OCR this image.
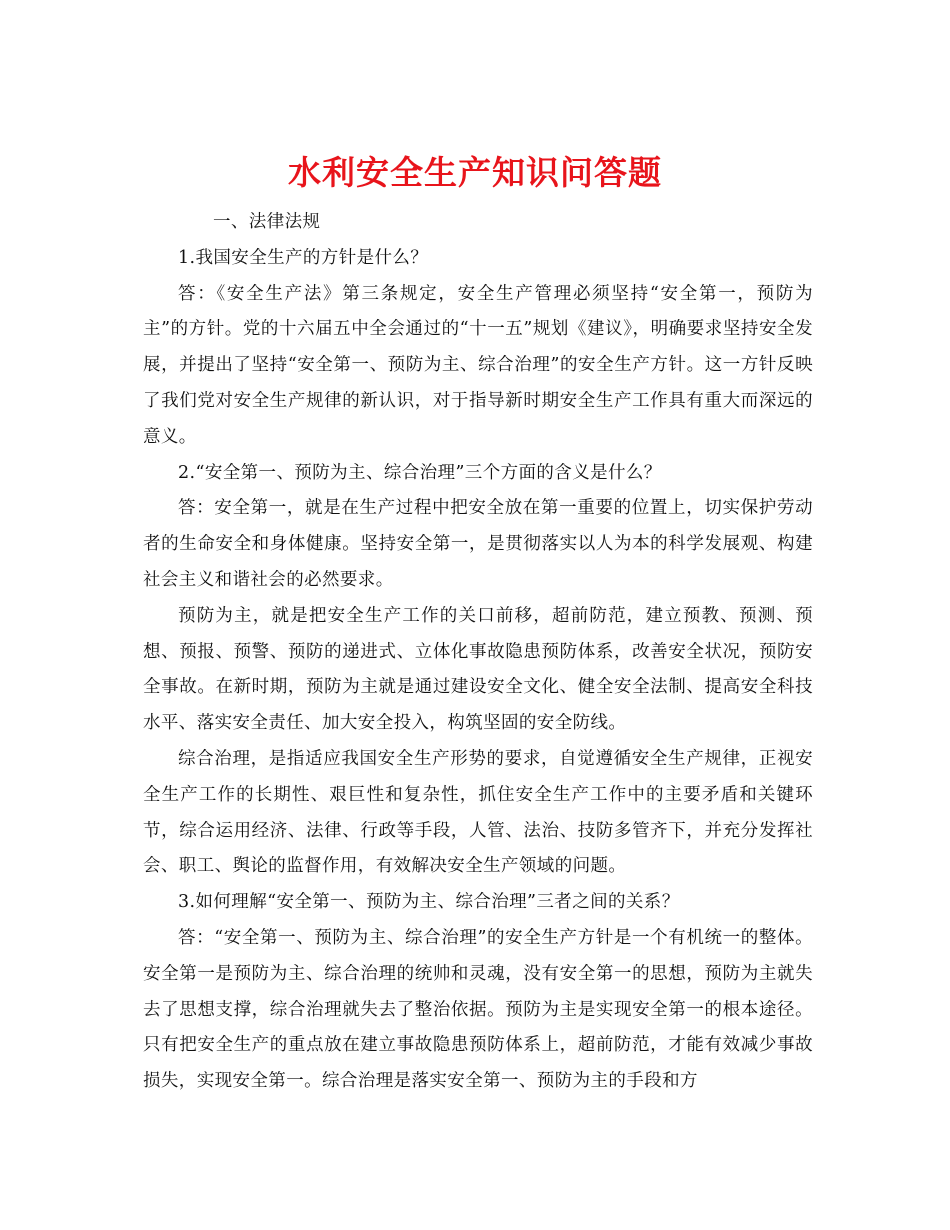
水利安全生产知识问答题

一、法律法规

1.我国安全生产的方针是什么？

答：《安全生产法》第三条规定，安全生产管理必须坚持“安全第一，预防为主”的方针。党的十六届五中全会通过的“十一五”规划《建议》，明确要求坚持安全发展，并提出了坚持“安全第一、预防为主、综合治理”的安全生产方针。这一方针反映了我们党对安全生产规律的新认识，对于指导新时期安全生产工作具有重大而深远的意义。

2.“安全第一、预防为主、综合治理”三个方面的含义是什么？

答：安全第一，就是在生产过程中把安全放在第一重要的位置上，切实保护劳动者的生命安全和身体健康。坚持安全第一，是贯彻落实以人为本的科学发展观、构建社会主义和谐社会的必然要求。

预防为主，就是把安全生产工作的关口前移，超前防范，建立预教、预测、预想、预报、预警、预防的递进式、立体化事故隐患预防体系，改善安全状况，预防安全事故。在新时期，预防为主就是通过建设安全文化、健全安全法制、提高安全科技水平、落实安全责任、加大安全投入，构筑坚固的安全防线。

综合治理，是指适应我国安全生产形势的要求，自觉遵循安全生产规律，正视安全生产工作的长期性、艰巨性和复杂性，抓住安全生产工作中的主要矛盾和关键环节，综合运用经济、法律、行政等手段，人管、法治、技防多管齐下，并充分发挥社会、职工、舆论的监督作用，有效解决安全生产领域的问题。

3.如何理解“安全第一、预防为主、综合治理”三者之间的关系？

答：“安全第一、预防为主、综合治理”的安全生产方针是一个有机统一的整体。安全第一是预防为主、综合治理的统帅和灵魂，没有安全第一的思想，预防为主就失去了思想支撑，综合治理就失去了整治依据。预防为主是实现安全第一的根本途径。只有把安全生产的重点放在建立事故隐患预防体系上，超前防范，才能有效减少事故损失，实现安全第一。综合治理是落实安全第一、预防为主的手段和方
